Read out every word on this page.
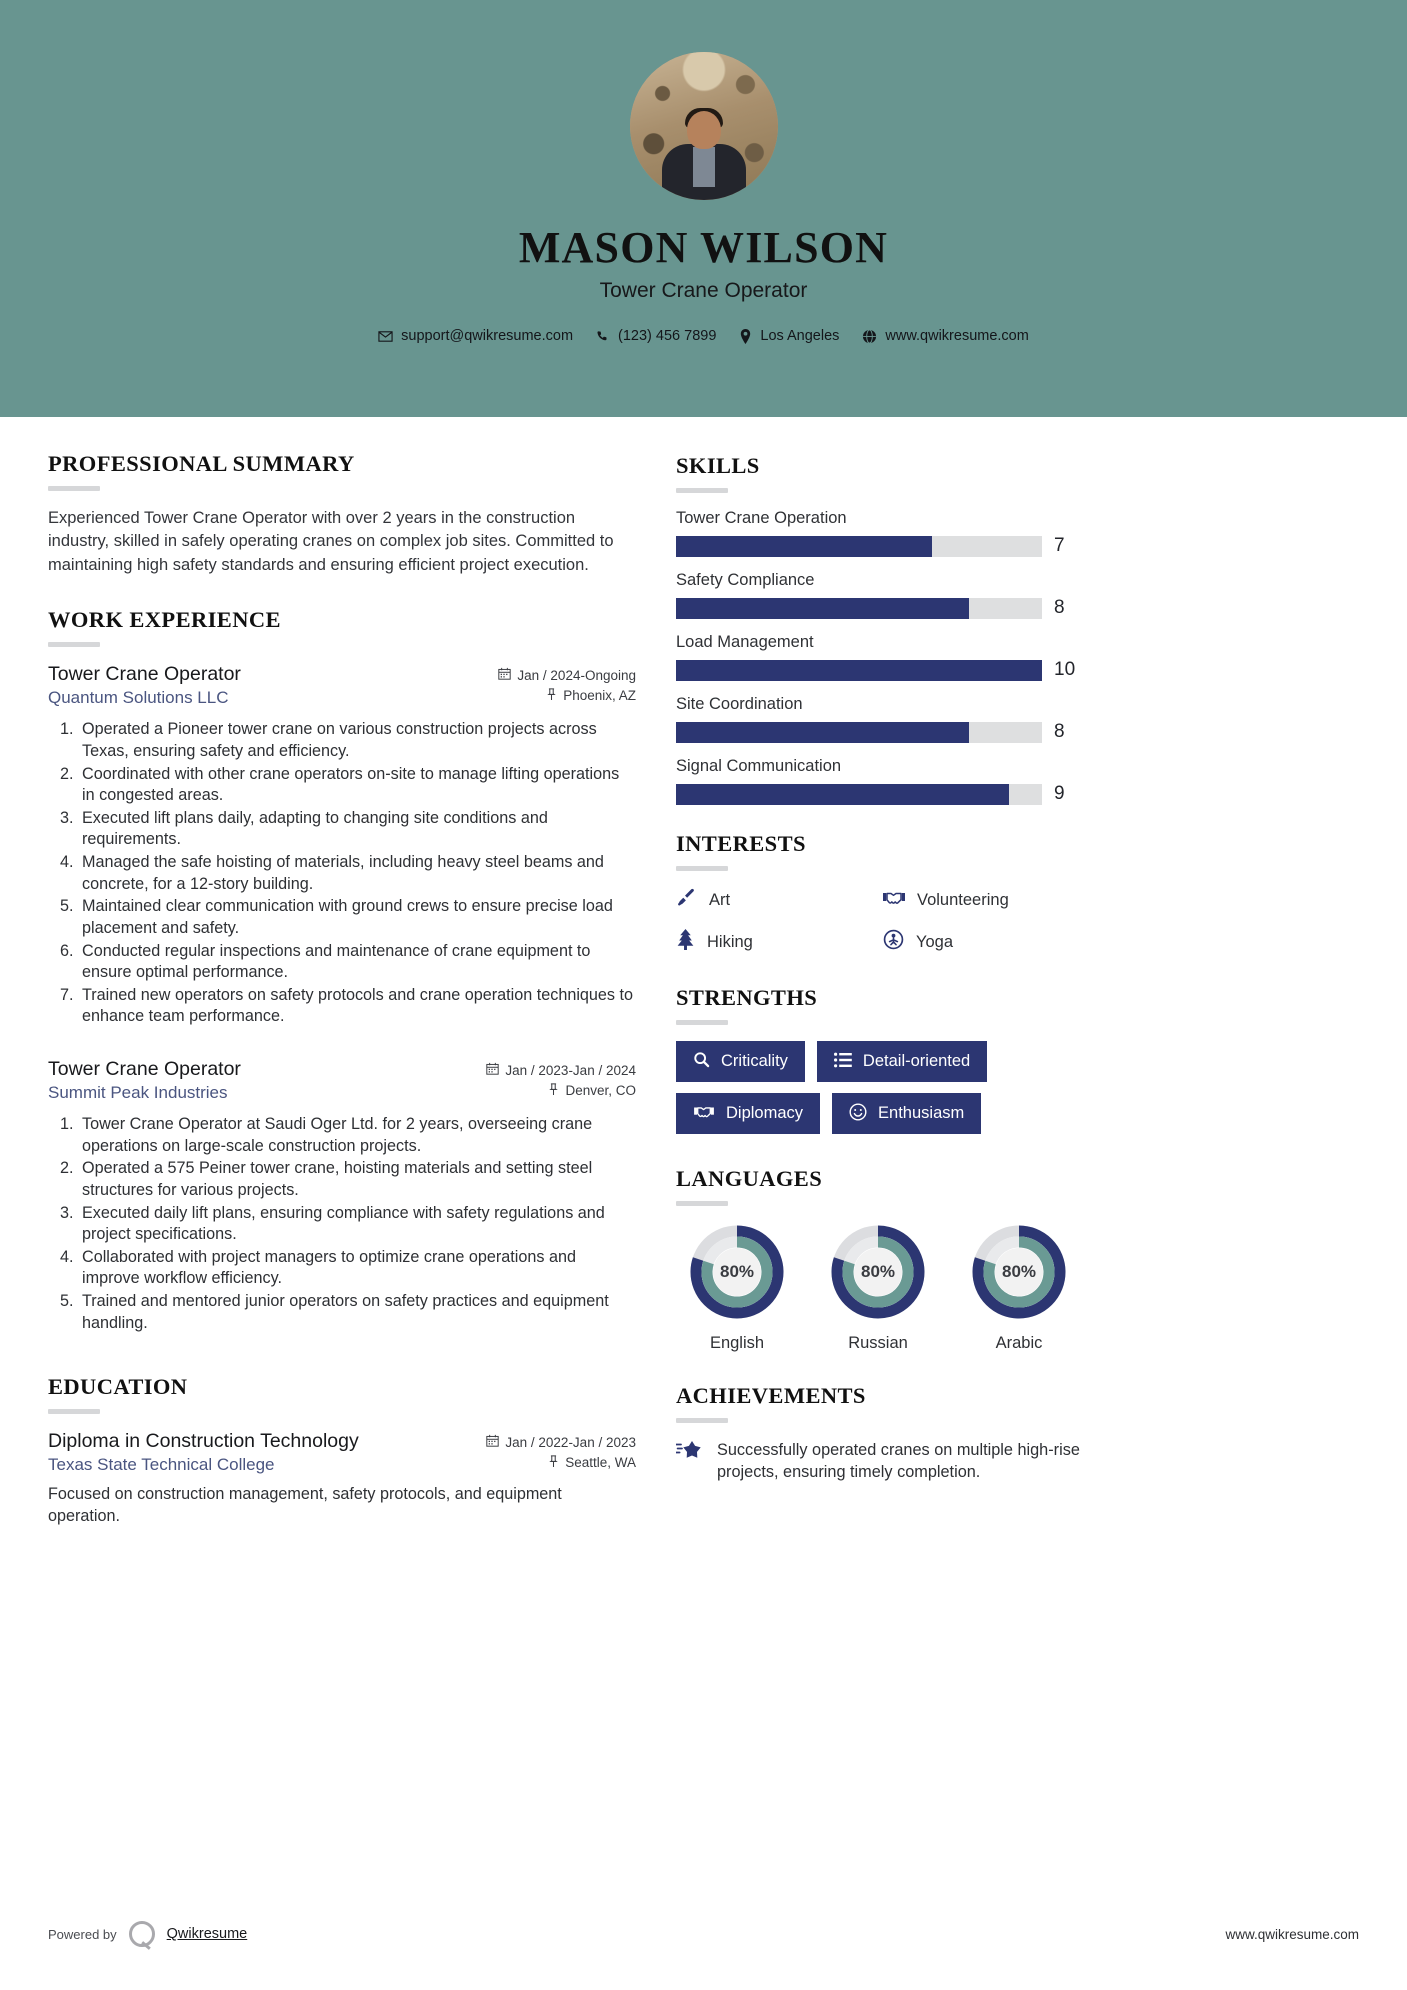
MASON WILSON
Tower Crane Operator
support@qwikresume.com	(123) 456 7899	Los Angeles	www.qwikresume.com
PROFESSIONAL SUMMARY

Experienced Tower Crane Operator with over 2 years in the construction industry, skilled in safely operating cranes on complex job sites. Committed to maintaining high safety standards and ensuring efficient project execution.

WORK EXPERIENCE
Tower Crane Operator	Jan / 2024-Ongoing
Quantum Solutions LLC	Phoenix, AZ
1. Operated a Pioneer tower crane on various construction projects across Texas, ensuring safety and efficiency.
2. Coordinated with other crane operators on-site to manage lifting operations in congested areas.
3. Executed lift plans daily, adapting to changing site conditions and requirements.
4. Managed the safe hoisting of materials, including heavy steel beams and concrete, for a 12-story building.
5. Maintained clear communication with ground crews to ensure precise load placement and safety.
6. Conducted regular inspections and maintenance of crane equipment to ensure optimal performance.
7. Trained new operators on safety protocols and crane operation techniques to enhance team performance.
Tower Crane Operator	Jan / 2023-Jan / 2024
Summit Peak Industries	Denver, CO
1. Tower Crane Operator at Saudi Oger Ltd. for 2 years, overseeing crane operations on large-scale construction projects.
2. Operated a 575 Peiner tower crane, hoisting materials and setting steel structures for various projects.
3. Executed daily lift plans, ensuring compliance with safety regulations and project specifications.
4. Collaborated with project managers to optimize crane operations and improve workflow efficiency.
5. Trained and mentored junior operators on safety practices and equipment handling.
EDUCATION
Diploma in Construction Technology	Jan / 2022-Jan / 2023
Texas State Technical College	Seattle, WA
Focused on construction management, safety protocols, and equipment operation.
SKILLS
Tower Crane Operation
7
Safety Compliance
8
Load Management
10
Site Coordination
8
Signal Communication
9
INTERESTS
Art	Volunteering
Hiking	Yoga
STRENGTHS
Criticality	Detail-oriented
Diplomacy	Enthusiasm
LANGUAGES
80%
English
80%
Russian
80%
Arabic
ACHIEVEMENTS
Successfully operated cranes on multiple high-rise projects, ensuring timely completion.
Powered by	Qwikresume	www.qwikresume.com
